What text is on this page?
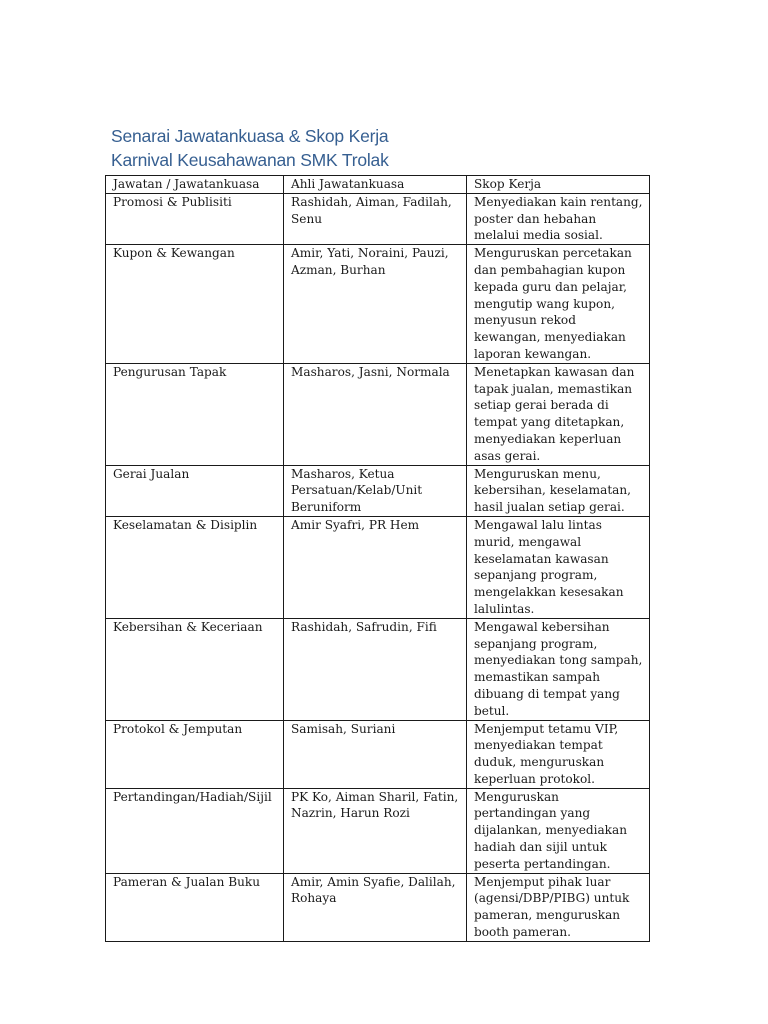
Senarai Jawatankuasa & Skop Kerja
Karnival Keusahawanan SMK Trolak
Jawatan / Jawatankuasa	Ahli Jawatankuasa	Skop Kerja
Promosi & Publisiti	Rashidah, Aiman, Fadilah, Senu	Menyediakan kain rentang, poster dan hebahan melalui media sosial.
Kupon & Kewangan	Amir, Yati, Noraini, Pauzi, Azman, Burhan	Menguruskan percetakan dan pembahagian kupon kepada guru dan pelajar, mengutip wang kupon, menyusun rekod kewangan, menyediakan laporan kewangan.
Pengurusan Tapak	Masharos, Jasni, Normala	Menetapkan kawasan dan tapak jualan, memastikan setiap gerai berada di tempat yang ditetapkan, menyediakan keperluan asas gerai.
Gerai Jualan	Masharos, Ketua Persatuan/Kelab/Unit Beruniform	Menguruskan menu, kebersihan, keselamatan, hasil jualan setiap gerai.
Keselamatan & Disiplin	Amir Syafri, PR Hem	Mengawal lalu lintas murid, mengawal keselamatan kawasan sepanjang program, mengelakkan kesesakan lalulintas.
Kebersihan & Keceriaan	Rashidah, Safrudin, Fifi	Mengawal kebersihan sepanjang program, menyediakan tong sampah, memastikan sampah dibuang di tempat yang betul.
Protokol & Jemputan	Samisah, Suriani	Menjemput tetamu VIP, menyediakan tempat duduk, menguruskan keperluan protokol.
Pertandingan/Hadiah/Sijil	PK Ko, Aiman Sharil, Fatin, Nazrin, Harun Rozi	Menguruskan pertandingan yang dijalankan, menyediakan hadiah dan sijil untuk peserta pertandingan.
Pameran & Jualan Buku	Amir, Amin Syafie, Dalilah, Rohaya	Menjemput pihak luar (agensi/DBP/PIBG) untuk pameran, menguruskan booth pameran.
